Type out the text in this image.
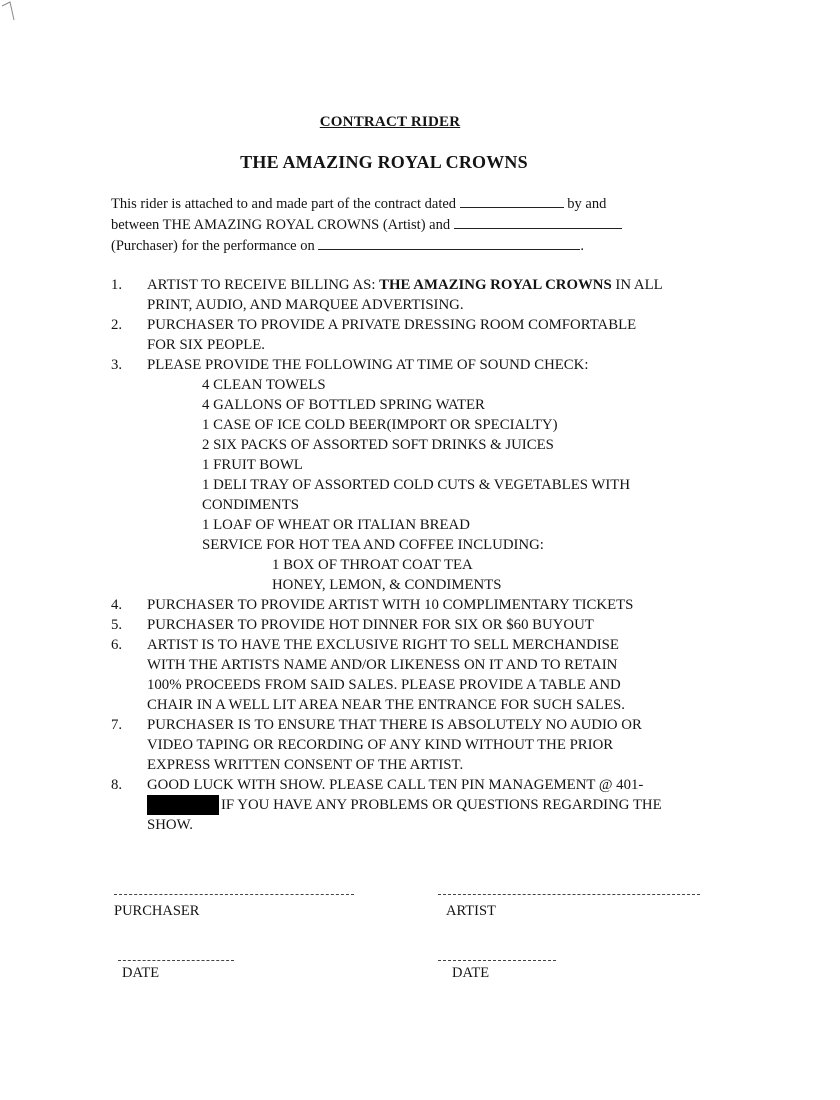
CONTRACT RIDER
THE AMAZING ROYAL CROWNS
This rider is attached to and made part of the contract dated	by and
between THE AMAZING ROYAL CROWNS (Artist) and
(Purchaser) for the performance on	.
1. ARTIST TO RECEIVE BILLING AS: THE AMAZING ROYAL CROWNS IN ALL
PRINT, AUDIO, AND MARQUEE ADVERTISING.
2. PURCHASER TO PROVIDE A PRIVATE DRESSING ROOM COMFORTABLE
FOR SIX PEOPLE.
3. PLEASE PROVIDE THE FOLLOWING AT TIME OF SOUND CHECK:
4 CLEAN TOWELS
4 GALLONS OF BOTTLED SPRING WATER
1 CASE OF ICE COLD BEER(IMPORT OR SPECIALTY)
2 SIX PACKS OF ASSORTED SOFT DRINKS & JUICES
1 FRUIT BOWL
1 DELI TRAY OF ASSORTED COLD CUTS & VEGETABLES WITH
CONDIMENTS
1 LOAF OF WHEAT OR ITALIAN BREAD
SERVICE FOR HOT TEA AND COFFEE INCLUDING:
1 BOX OF THROAT COAT TEA
HONEY, LEMON, & CONDIMENTS
4. PURCHASER TO PROVIDE ARTIST WITH 10 COMPLIMENTARY TICKETS
5. PURCHASER TO PROVIDE HOT DINNER FOR SIX OR $60 BUYOUT
6. ARTIST IS TO HAVE THE EXCLUSIVE RIGHT TO SELL MERCHANDISE
WITH THE ARTISTS NAME AND/OR LIKENESS ON IT AND TO RETAIN
100% PROCEEDS FROM SAID SALES. PLEASE PROVIDE A TABLE AND
CHAIR IN A WELL LIT AREA NEAR THE ENTRANCE FOR SUCH SALES.
7. PURCHASER IS TO ENSURE THAT THERE IS ABSOLUTELY NO AUDIO OR
VIDEO TAPING OR RECORDING OF ANY KIND WITHOUT THE PRIOR
EXPRESS WRITTEN CONSENT OF THE ARTIST.
8. GOOD LUCK WITH SHOW. PLEASE CALL TEN PIN MANAGEMENT @ 401-
IF YOU HAVE ANY PROBLEMS OR QUESTIONS REGARDING THE
SHOW.
PURCHASER	ARTIST
DATE	DATE
